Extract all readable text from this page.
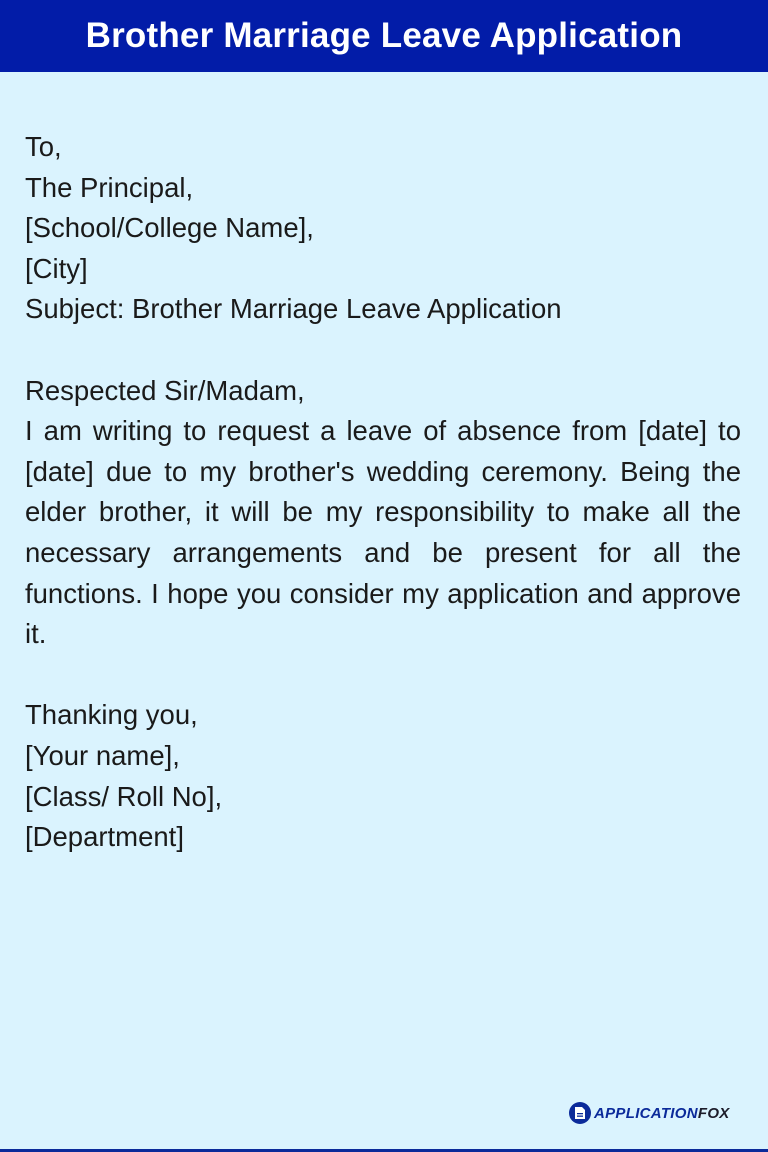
Brother Marriage Leave Application
To,
The Principal,
[School/College Name],
[City]
Subject: Brother Marriage Leave Application
Respected Sir/Madam,
I am writing to request a leave of absence from [date] to [date] due to my brother's wedding ceremony. Being the elder brother, it will be my responsibility to make all the necessary arrangements and be present for all the functions. I hope you consider my application and approve it.
Thanking you,
[Your name],
[Class/ Roll No],
[Department]
APPLICATIONFOX
